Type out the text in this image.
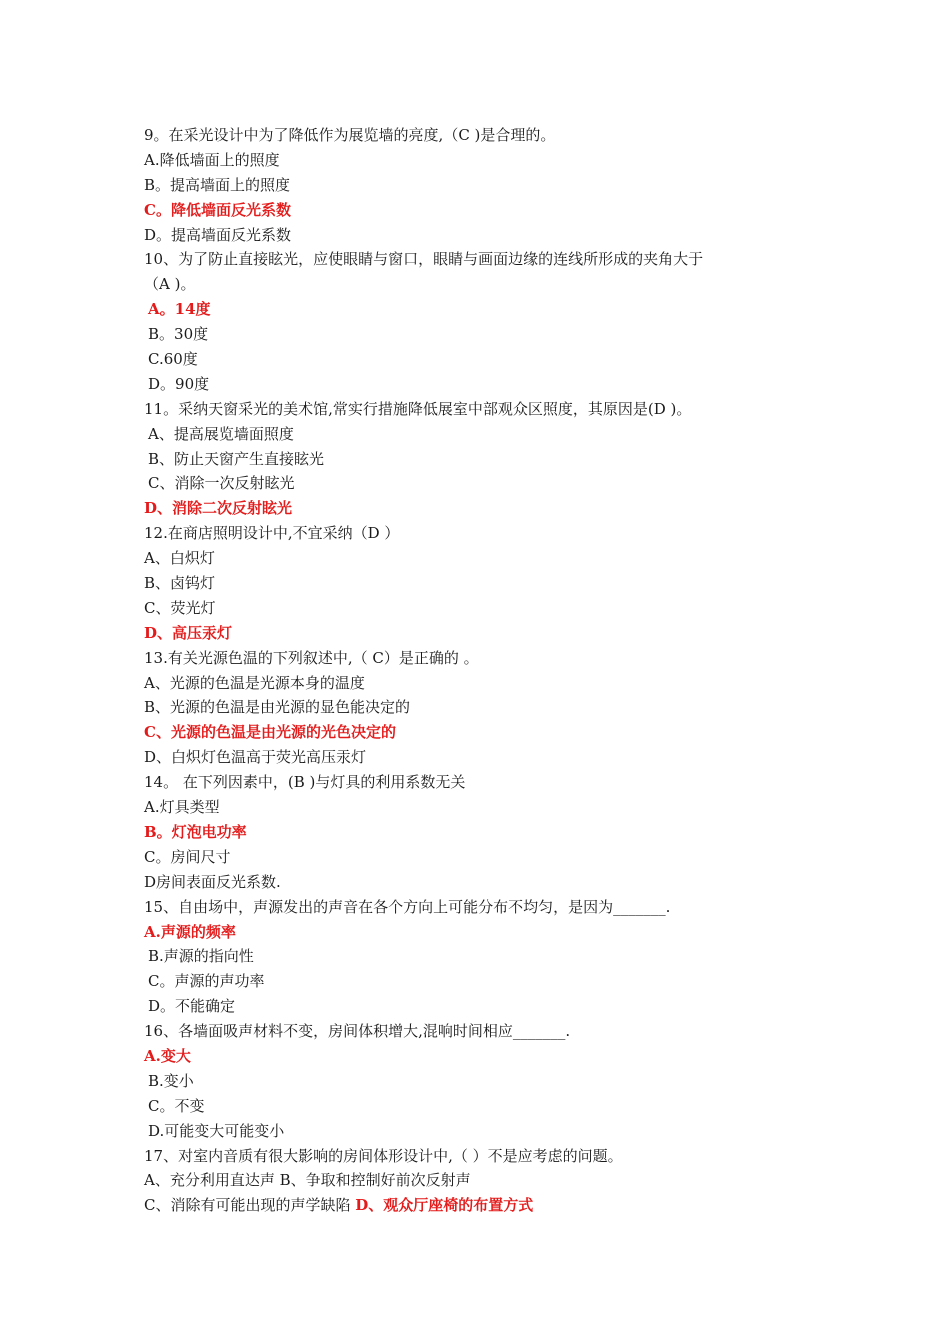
9。在采光设计中为了降低作为展览墙的亮度,（C )是合理的。
A.降低墙面上的照度
B。提高墙面上的照度
C。降低墙面反光系数
D。提高墙面反光系数
10、为了防止直接眩光，应使眼睛与窗口，眼睛与画面边缘的连线所形成的夹角大于
（A )。
A。14度
B。30度
C.60度
D。90度
11。采纳天窗采光的美术馆,常实行措施降低展室中部观众区照度，其原因是(D )。
A、提高展览墙面照度
B、防止天窗产生直接眩光
C、消除一次反射眩光
D、消除二次反射眩光
12.在商店照明设计中,不宜采纳（D ）
A、白炽灯
B、卤钨灯
C、荧光灯
D、高压汞灯
13.有关光源色温的下列叙述中,（ C）是正确的 。
A、光源的色温是光源本身的温度
B、光源的色温是由光源的显色能决定的
C、光源的色温是由光源的光色决定的
D、白炽灯色温高于荧光高压汞灯
14。 在下列因素中，(B )与灯具的利用系数无关
A.灯具类型
B。灯泡电功率
C。房间尺寸
D房间表面反光系数.
15、自由场中，声源发出的声音在各个方向上可能分布不均匀，是因为_______.
A.声源的频率
B.声源的指向性
C。声源的声功率
D。不能确定
16、各墙面吸声材料不变，房间体积增大,混响时间相应_______.
A.变大
B.变小
C。不变
D.可能变大可能变小
17、对室内音质有很大影响的房间体形设计中,（ ）不是应考虑的问题。
A、充分利用直达声 B、争取和控制好前次反射声
C、消除有可能出现的声学缺陷 D、观众厅座椅的布置方式
